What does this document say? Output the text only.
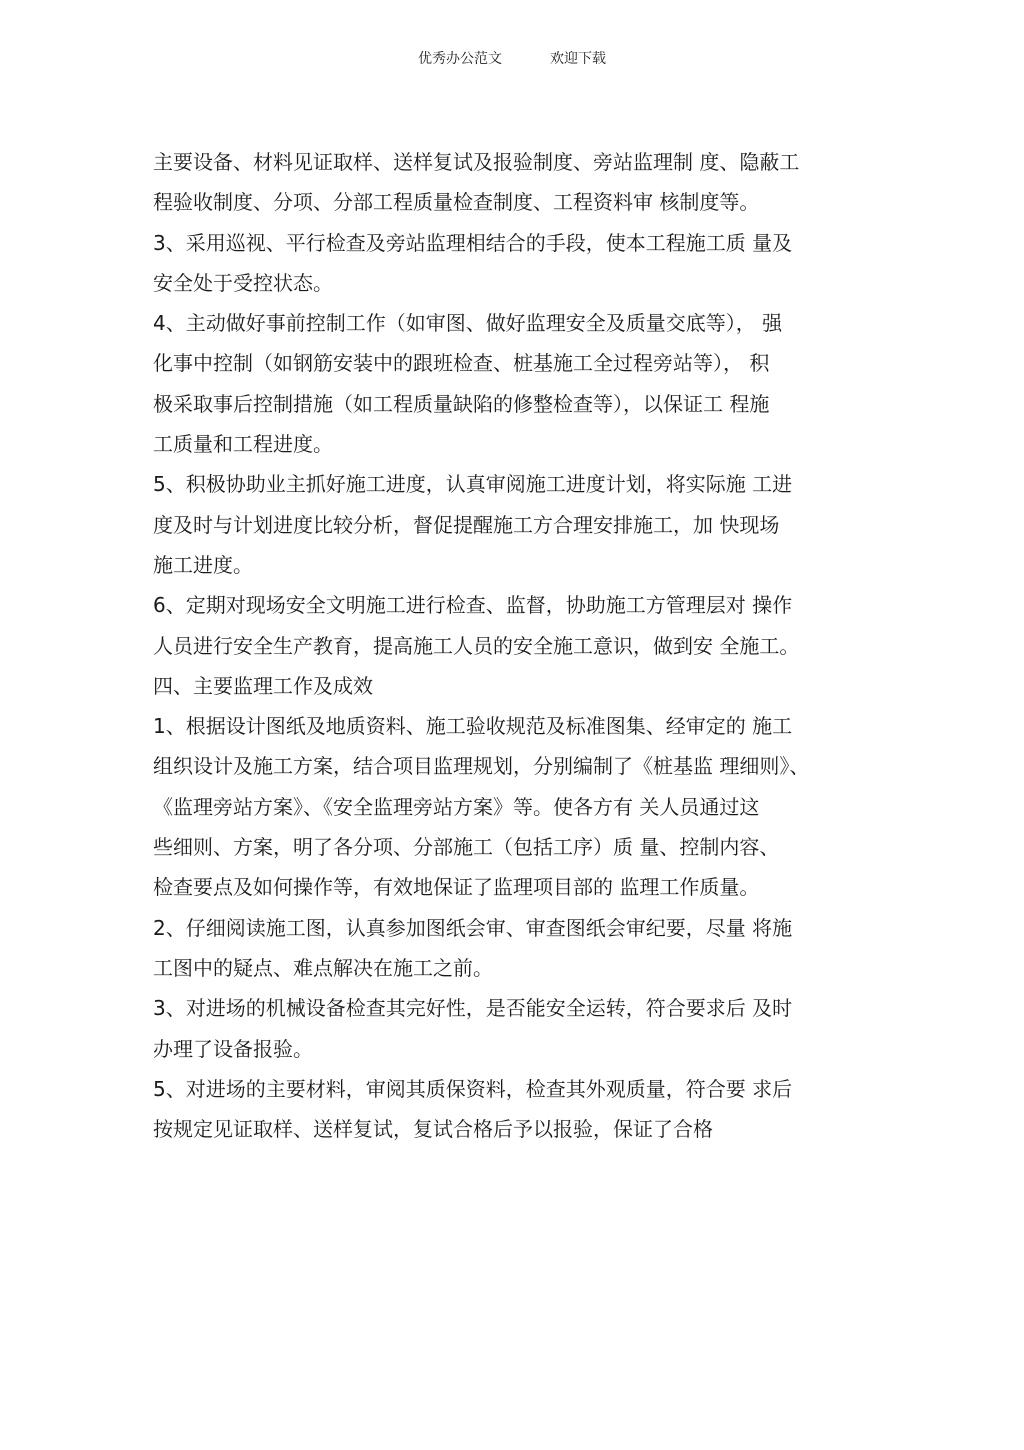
优秀办公范文	欢迎下载
主要设备、材料见证取样、送样复试及报验制度、旁站监理制 度、隐蔽工
程验收制度、分项、分部工程质量检查制度、工程资料审 核制度等。
3、采用巡视、平行检查及旁站监理相结合的手段，使本工程施工质 量及
安全处于受控状态。
4、主动做好事前控制工作（如审图、做好监理安全及质量交底等）， 强
化事中控制（如钢筋安装中的跟班检查、桩基施工全过程旁站等）， 积
极采取事后控制措施（如工程质量缺陷的修整检查等），以保证工 程施
工质量和工程进度。
5、积极协助业主抓好施工进度，认真审阅施工进度计划，将实际施 工进
度及时与计划进度比较分析，督促提醒施工方合理安排施工，加 快现场
施工进度。
6、定期对现场安全文明施工进行检查、监督，协助施工方管理层对 操作
人员进行安全生产教育，提高施工人员的安全施工意识，做到安 全施工。
四、主要监理工作及成效
1、根据设计图纸及地质资料、施工验收规范及标准图集、经审定的 施工
组织设计及施工方案，结合项目监理规划，分别编制了《桩基监 理细则》、
《监理旁站方案》、《安全监理旁站方案》等。使各方有 关人员通过这
些细则、方案，明了各分项、分部施工（包括工序）质 量、控制内容、
检查要点及如何操作等，有效地保证了监理项目部的 监理工作质量。
2、仔细阅读施工图，认真参加图纸会审、审查图纸会审纪要，尽量 将施
工图中的疑点、难点解决在施工之前。
3、对进场的机械设备检查其完好性，是否能安全运转，符合要求后 及时
办理了设备报验。
5、对进场的主要材料，审阅其质保资料，检查其外观质量，符合要 求后
按规定见证取样、送样复试，复试合格后予以报验，保证了合格
